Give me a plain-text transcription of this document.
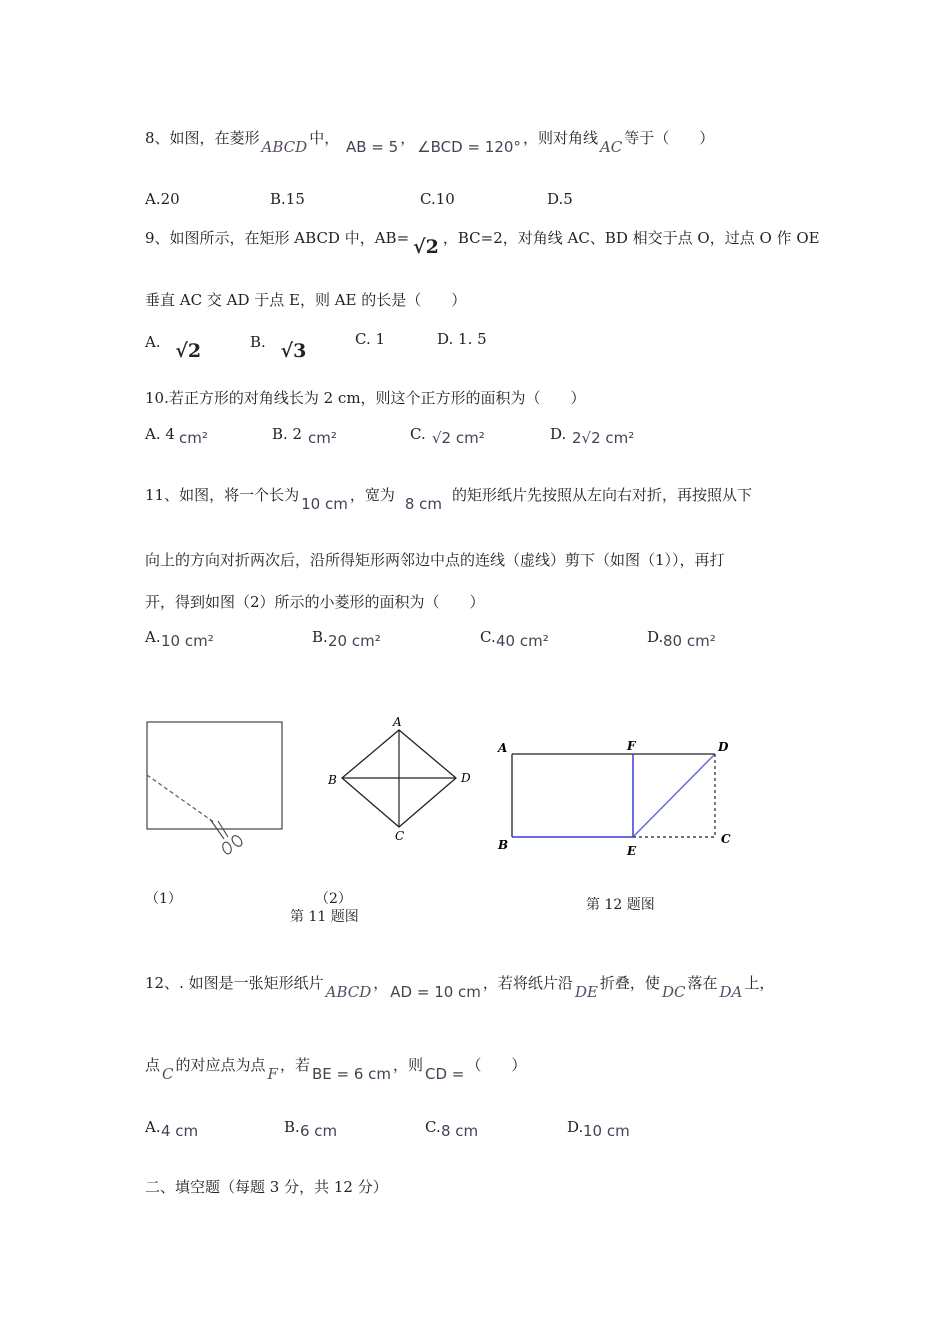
8、如图，在菱形 ABCD 中， AB = 5 ， ∠BCD = 120° ，则对角线 AC 等于（　　）
A.20	B.15	C.10	D.5
9、如图所示，在矩形 ABCD 中，AB= √2 ，BC=2，对角线 AC、BD 相交于点 O，过点 O 作 OE
垂直 AC 交 AD 于点 E，则 AE 的长是（　　）
A. √2	B. √3
C. 1	D. 1. 5
10.若正方形的对角线长为 2 cm，则这个正方形的面积为（　　）
A. 4 cm²	B. 2 cm²	C. √2 cm²	D. 2√2 cm²
11、如图，将一个长为 10 cm ，宽为 8 cm 的矩形纸片先按照从左向右对折，再按照从下
向上的方向对折两次后，沿所得矩形两邻边中点的连线（虚线）剪下（如图（1）），再打
开，得到如图（2）所示的小菱形的面积为（　　）
A. 10 cm²	B. 20 cm²	C. 40 cm²	D. 80 cm²
A
B	D
C
A	F	D
B	E
C
（1）	（2）
第 11 题图
第 12 题图
12、. 如图是一张矩形纸片 ABCD ， AD = 10 cm ，若将纸片沿 DE 折叠，使 DC 落在 DA 上，
点 C 的对应点为点 F ，若 BE = 6 cm ，则 CD = （　　）
A. 4 cm	B. 6 cm	C. 8 cm	D. 10 cm
二、填空题（每题 3 分，共 12 分）
